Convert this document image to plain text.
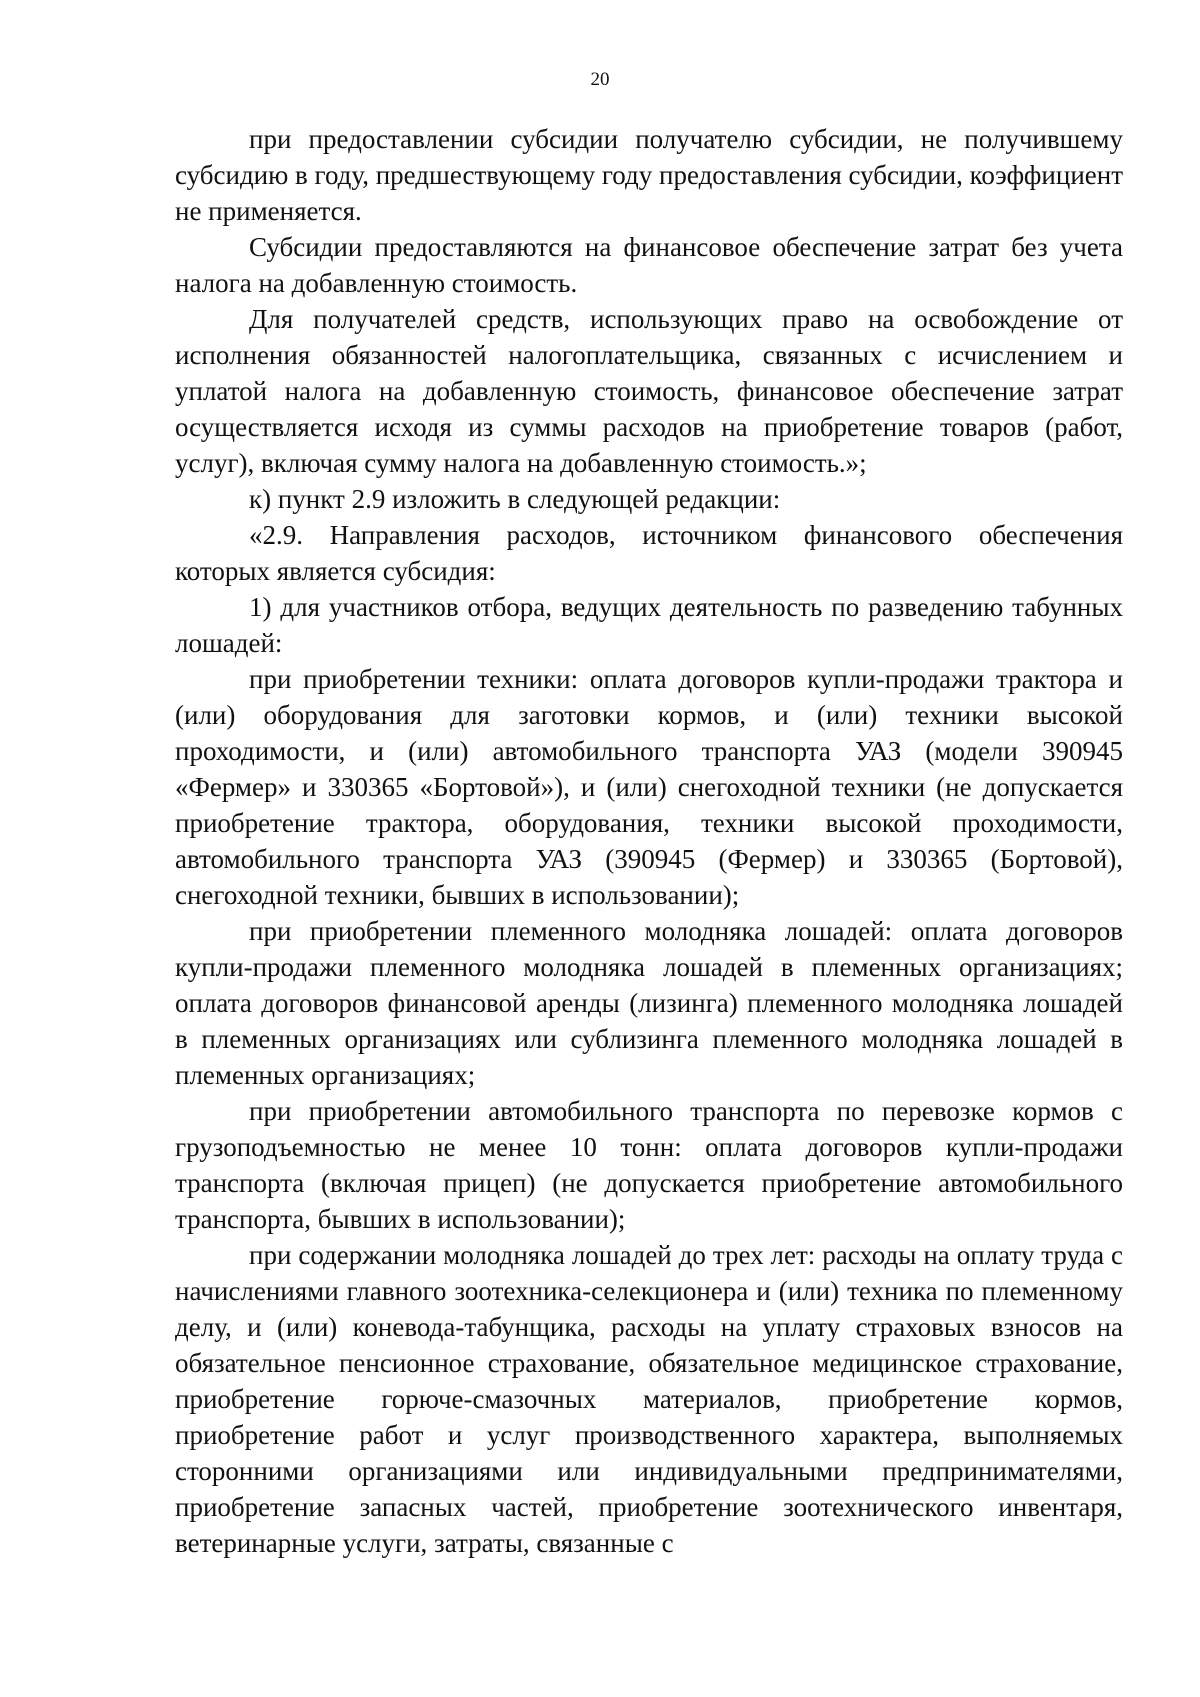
20

при предоставлении субсидии получателю субсидии, не получившему субсидию в году, предшествующему году предоставления субсидии, коэффициент не применяется.

Субсидии предоставляются на финансовое обеспечение затрат без учета налога на добавленную стоимость.

Для получателей средств, использующих право на освобождение от исполнения обязанностей налогоплательщика, связанных с исчислением и уплатой налога на добавленную стоимость, финансовое обеспечение затрат осуществляется исходя из суммы расходов на приобретение товаров (работ, услуг), включая сумму налога на добавленную стоимость.»;

к) пункт 2.9 изложить в следующей редакции:

«2.9. Направления расходов, источником финансового обеспечения которых является субсидия:

1) для участников отбора, ведущих деятельность по разведению табунных лошадей:

при приобретении техники: оплата договоров купли-продажи трактора и (или) оборудования для заготовки кормов, и (или) техники высокой проходимости, и (или) автомобильного транспорта УАЗ (модели 390945 «Фермер» и 330365 «Бортовой»), и (или) снегоходной техники (не допускается приобретение трактора, оборудования, техники высокой проходимости, автомобильного транспорта УАЗ (390945 (Фермер) и 330365 (Бортовой), снегоходной техники, бывших в использовании);

при приобретении племенного молодняка лошадей: оплата договоров купли-продажи племенного молодняка лошадей в племенных организациях; оплата договоров финансовой аренды (лизинга) племенного молодняка лошадей в племенных организациях или сублизинга племенного молодняка лошадей в племенных организациях;

при приобретении автомобильного транспорта по перевозке кормов с грузоподъемностью не менее 10 тонн: оплата договоров купли-продажи транспорта (включая прицеп) (не допускается приобретение автомобильного транспорта, бывших в использовании);

при содержании молодняка лошадей до трех лет: расходы на оплату труда с начислениями главного зоотехника-селекционера и (или) техника по племенному делу, и (или) коневода-табунщика, расходы на уплату страховых взносов на обязательное пенсионное страхование, обязательное медицинское страхование, приобретение горюче-смазочных материалов, приобретение кормов, приобретение работ и услуг производственного характера, выполняемых сторонними организациями или индивидуальными предпринимателями, приобретение запасных частей, приобретение зоотехнического инвентаря, ветеринарные услуги, затраты, связанные с
